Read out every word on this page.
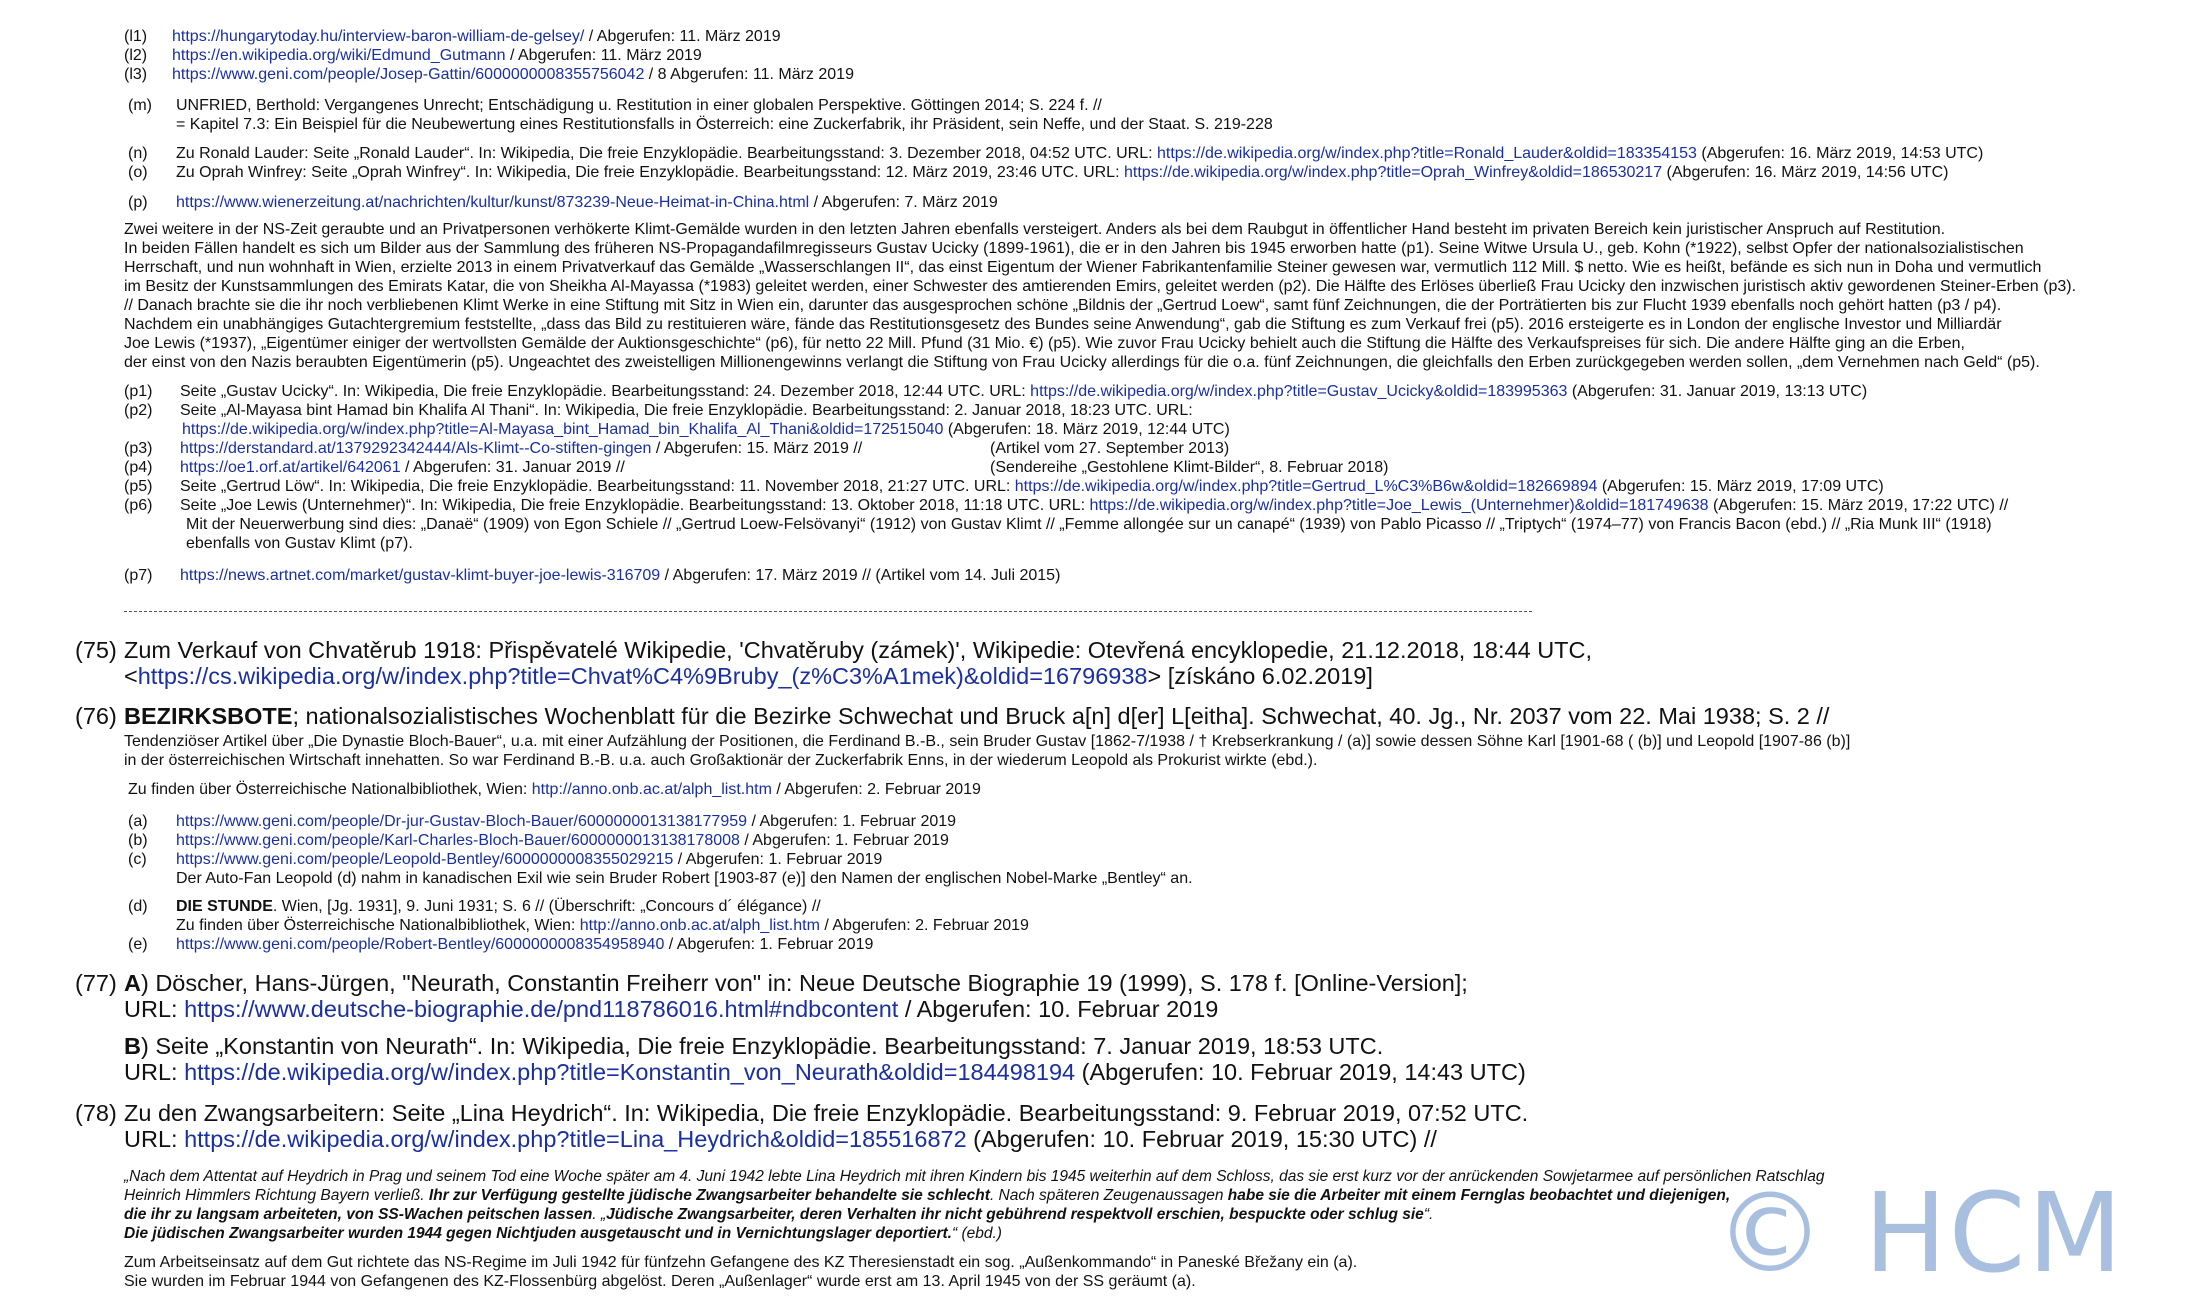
(l1) https://hungarytoday.hu/interview-baron-william-de-gelsey/ / Abgerufen: 11. März 2019
(l2) https://en.wikipedia.org/wiki/Edmund_Gutmann / Abgerufen: 11. März 2019
(l3) https://www.geni.com/people/Josep-Gattin/6000000008355756042 / 8 Abgerufen: 11. März 2019
(m) UNFRIED, Berthold: Vergangenes Unrecht; Entschädigung u. Restitution in einer globalen Perspektive. Göttingen 2014; S. 224 f. //
= Kapitel 7.3: Ein Beispiel für die Neubewertung eines Restitutionsfalls in Österreich: eine Zuckerfabrik, ihr Präsident, sein Neffe, und der Staat. S. 219-228
(n) Zu Ronald Lauder: Seite „Ronald Lauder“. In: Wikipedia, Die freie Enzyklopädie. Bearbeitungsstand: 3. Dezember 2018, 04:52 UTC. URL: https://de.wikipedia.org/w/index.php?title=Ronald_Lauder&oldid=183354153 (Abgerufen: 16. März 2019, 14:53 UTC)
(o) Zu Oprah Winfrey: Seite „Oprah Winfrey“. In: Wikipedia, Die freie Enzyklopädie. Bearbeitungsstand: 12. März 2019, 23:46 UTC. URL: https://de.wikipedia.org/w/index.php?title=Oprah_Winfrey&oldid=186530217 (Abgerufen: 16. März 2019, 14:56 UTC)
(p) https://www.wienerzeitung.at/nachrichten/kultur/kunst/873239-Neue-Heimat-in-China.html / Abgerufen: 7. März 2019
Zwei weitere in der NS-Zeit geraubte und an Privatpersonen verhökerte Klimt-Gemälde wurden in den letzten Jahren ebenfalls versteigert. Anders als bei dem Raubgut in öffentlicher Hand besteht im privaten Bereich kein juristischer Anspruch auf Restitution.
In beiden Fällen handelt es sich um Bilder aus der Sammlung des früheren NS-Propagandafilmregisseurs Gustav Ucicky (1899-1961), die er in den Jahren bis 1945 erworben hatte (p1). Seine Witwe Ursula U., geb. Kohn (*1922), selbst Opfer der nationalsozialistischen
Herrschaft, und nun wohnhaft in Wien, erzielte 2013 in einem Privatverkauf das Gemälde „Wasserschlangen II“, das einst Eigentum der Wiener Fabrikantenfamilie Steiner gewesen war, vermutlich 112 Mill. $ netto. Wie es heißt, befände es sich nun in Doha und vermutlich
im Besitz der Kunstsammlungen des Emirats Katar, die von Sheikha Al-Mayassa (*1983) geleitet werden, einer Schwester des amtierenden Emirs, geleitet werden (p2). Die Hälfte des Erlöses überließ Frau Ucicky den inzwischen juristisch aktiv gewordenen Steiner-Erben (p3).
// Danach brachte sie die ihr noch verbliebenen Klimt Werke in eine Stiftung mit Sitz in Wien ein, darunter das ausgesprochen schöne „Bildnis der „Gertrud Loew“, samt fünf Zeichnungen, die der Porträtierten bis zur Flucht 1939 ebenfalls noch gehört hatten (p3 / p4).
Nachdem ein unabhängiges Gutachtergremium feststellte, „dass das Bild zu restituieren wäre, fände das Restitutionsgesetz des Bundes seine Anwendung“, gab die Stiftung es zum Verkauf frei (p5). 2016 ersteigerte es in London der englische Investor und Milliardär
Joe Lewis (*1937), „Eigentümer einiger der wertvollsten Gemälde der Auktionsgeschichte“ (p6), für netto 22 Mill. Pfund (31 Mio. €) (p5). Wie zuvor Frau Ucicky behielt auch die Stiftung die Hälfte des Verkaufspreises für sich. Die andere Hälfte ging an die Erben,
der einst von den Nazis beraubten Eigentümerin (p5). Ungeachtet des zweistelligen Millionengewinns verlangt die Stiftung von Frau Ucicky allerdings für die o.a. fünf Zeichnungen, die gleichfalls den Erben zurückgegeben werden sollen, „dem Vernehmen nach Geld“ (p5).
(p1) Seite „Gustav Ucicky“. In: Wikipedia, Die freie Enzyklopädie. Bearbeitungsstand: 24. Dezember 2018, 12:44 UTC. URL: https://de.wikipedia.org/w/index.php?title=Gustav_Ucicky&oldid=183995363 (Abgerufen: 31. Januar 2019, 13:13 UTC)
(p2) Seite „Al-Mayasa bint Hamad bin Khalifa Al Thani“. In: Wikipedia, Die freie Enzyklopädie. Bearbeitungsstand: 2. Januar 2018, 18:23 UTC. URL:
https://de.wikipedia.org/w/index.php?title=Al-Mayasa_bint_Hamad_bin_Khalifa_Al_Thani&oldid=172515040 (Abgerufen: 18. März 2019, 12:44 UTC)
(p3) https://derstandard.at/1379292342444/Als-Klimt--Co-stiften-gingen / Abgerufen: 15. März 2019 //	(Artikel vom 27. September 2013)
(p4) https://oe1.orf.at/artikel/642061 / Abgerufen: 31. Januar 2019 //	(Sendereihe „Gestohlene Klimt-Bilder“, 8. Februar 2018)
(p5) Seite „Gertrud Löw“. In: Wikipedia, Die freie Enzyklopädie. Bearbeitungsstand: 11. November 2018, 21:27 UTC. URL: https://de.wikipedia.org/w/index.php?title=Gertrud_L%C3%B6w&oldid=182669894 (Abgerufen: 15. März 2019, 17:09 UTC)
(p6) Seite „Joe Lewis (Unternehmer)“. In: Wikipedia, Die freie Enzyklopädie. Bearbeitungsstand: 13. Oktober 2018, 11:18 UTC. URL: https://de.wikipedia.org/w/index.php?title=Joe_Lewis_(Unternehmer)&oldid=181749638 (Abgerufen: 15. März 2019, 17:22 UTC) //
Mit der Neuerwerbung sind dies: „Danaë“ (1909) von Egon Schiele // „Gertrud Loew-Felsövanyi“ (1912) von Gustav Klimt // „Femme allongée sur un canapé“ (1939) von Pablo Picasso // „Triptych“ (1974–77) von Francis Bacon (ebd.) // „Ria Munk III“ (1918)
ebenfalls von Gustav Klimt (p7).
(p7) https://news.artnet.com/market/gustav-klimt-buyer-joe-lewis-316709 / Abgerufen: 17. März 2019 // (Artikel vom 14. Juli 2015)
(75) Zum Verkauf von Chvatěrub 1918: Přispěvatelé Wikipedie, 'Chvatěruby (zámek)', Wikipedie: Otevřená encyklopedie, 21.12.2018, 18:44 UTC,
<https://cs.wikipedia.org/w/index.php?title=Chvat%C4%9Bruby_(z%C3%A1mek)&oldid=16796938> [získáno 6.02.2019]
(76) BEZIRKSBOTE; nationalsozialistisches Wochenblatt für die Bezirke Schwechat und Bruck a[n] d[er] L[eitha]. Schwechat, 40. Jg., Nr. 2037 vom 22. Mai 1938; S. 2 //
Tendenziöser Artikel über „Die Dynastie Bloch-Bauer“, u.a. mit einer Aufzählung der Positionen, die Ferdinand B.-B., sein Bruder Gustav [1862-7/1938 / † Krebserkrankung / (a)] sowie dessen Söhne Karl [1901-68 ( (b)] und Leopold [1907-86 (b)]
in der österreichischen Wirtschaft innehatten. So war Ferdinand B.-B. u.a. auch Großaktionär der Zuckerfabrik Enns, in der wiederum Leopold als Prokurist wirkte (ebd.).
Zu finden über Österreichische Nationalbibliothek, Wien: http://anno.onb.ac.at/alph_list.htm / Abgerufen: 2. Februar 2019
(a) https://www.geni.com/people/Dr-jur-Gustav-Bloch-Bauer/6000000013138177959 / Abgerufen: 1. Februar 2019
(b) https://www.geni.com/people/Karl-Charles-Bloch-Bauer/6000000013138178008 / Abgerufen: 1. Februar 2019
(c) https://www.geni.com/people/Leopold-Bentley/6000000008355029215 / Abgerufen: 1. Februar 2019
Der Auto-Fan Leopold (d) nahm in kanadischen Exil wie sein Bruder Robert [1903-87 (e)] den Namen der englischen Nobel-Marke „Bentley“ an.
(d) DIE STUNDE. Wien, [Jg. 1931], 9. Juni 1931; S. 6 // (Überschrift: „Concours d´ élégance) //
Zu finden über Österreichische Nationalbibliothek, Wien: http://anno.onb.ac.at/alph_list.htm / Abgerufen: 2. Februar 2019
(e) https://www.geni.com/people/Robert-Bentley/6000000008354958940 / Abgerufen: 1. Februar 2019
(77) A) Döscher, Hans-Jürgen, "Neurath, Constantin Freiherr von" in: Neue Deutsche Biographie 19 (1999), S. 178 f. [Online-Version];
URL: https://www.deutsche-biographie.de/pnd118786016.html#ndbcontent / Abgerufen: 10. Februar 2019
B) Seite „Konstantin von Neurath“. In: Wikipedia, Die freie Enzyklopädie. Bearbeitungsstand: 7. Januar 2019, 18:53 UTC.
URL: https://de.wikipedia.org/w/index.php?title=Konstantin_von_Neurath&oldid=184498194 (Abgerufen: 10. Februar 2019, 14:43 UTC)
(78) Zu den Zwangsarbeitern: Seite „Lina Heydrich“. In: Wikipedia, Die freie Enzyklopädie. Bearbeitungsstand: 9. Februar 2019, 07:52 UTC.
URL: https://de.wikipedia.org/w/index.php?title=Lina_Heydrich&oldid=185516872 (Abgerufen: 10. Februar 2019, 15:30 UTC) //
„Nach dem Attentat auf Heydrich in Prag und seinem Tod eine Woche später am 4. Juni 1942 lebte Lina Heydrich mit ihren Kindern bis 1945 weiterhin auf dem Schloss, das sie erst kurz vor der anrückenden Sowjetarmee auf persönlichen Ratschlag
Heinrich Himmlers Richtung Bayern verließ. Ihr zur Verfügung gestellte jüdische Zwangsarbeiter behandelte sie schlecht. Nach späteren Zeugenaussagen habe sie die Arbeiter mit einem Fernglas beobachtet und diejenigen,
die ihr zu langsam arbeiteten, von SS-Wachen peitschen lassen. „Jüdische Zwangsarbeiter, deren Verhalten ihr nicht gebührend respektvoll erschien, bespuckte oder schlug sie“.
Die jüdischen Zwangsarbeiter wurden 1944 gegen Nichtjuden ausgetauscht und in Vernichtungslager deportiert.“ (ebd.)
Zum Arbeitseinsatz auf dem Gut richtete das NS-Regime im Juli 1942 für fünfzehn Gefangene des KZ Theresienstadt ein sog. „Außenkommando“ in Paneské Břežany ein (a).
Sie wurden im Februar 1944 von Gefangenen des KZ-Flossenbürg abgelöst. Deren „Außenlager“ wurde erst am 13. April 1945 von der SS geräumt (a).	© HCM
